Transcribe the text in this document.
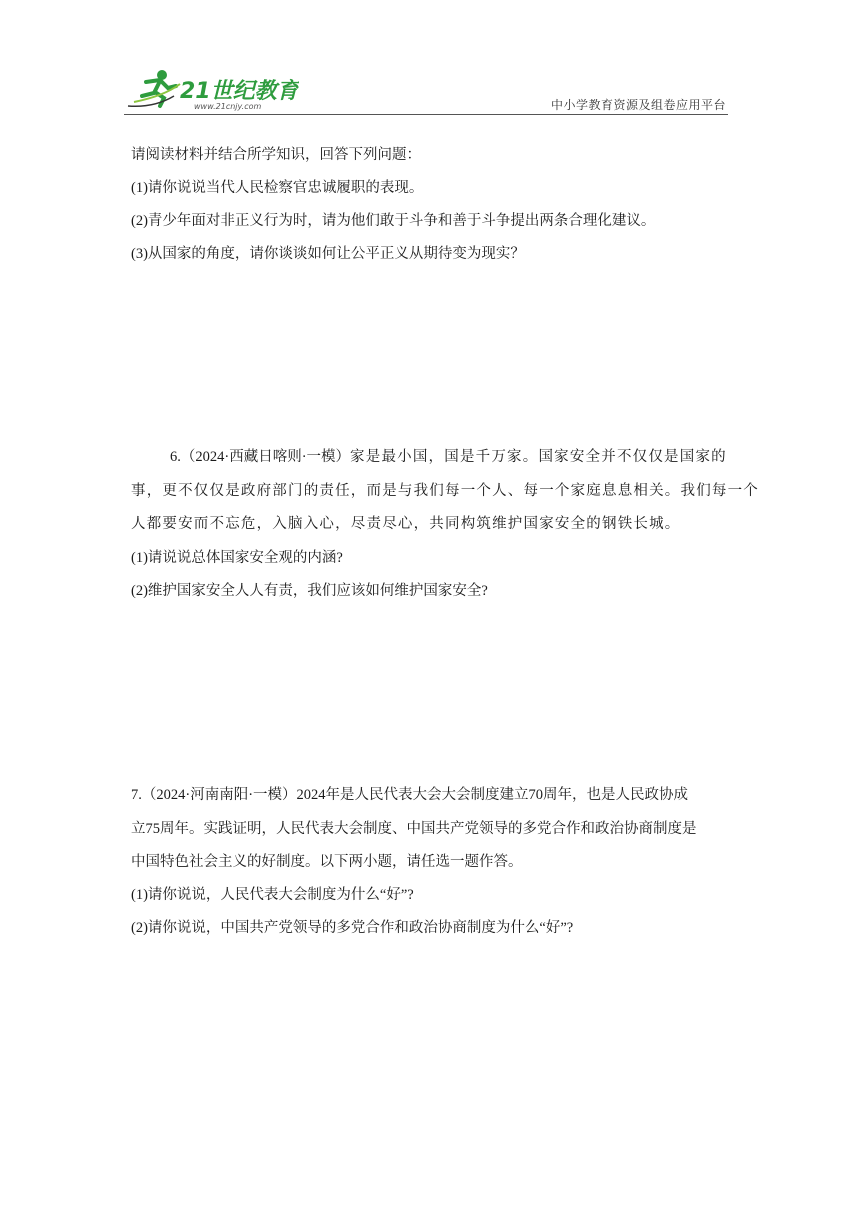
21世纪教育
www.21cnjy.com	中小学教育资源及组卷应用平台
请阅读材料并结合所学知识，回答下列问题：
(1)请你说说当代人民检察官忠诚履职的表现。
(2)青少年面对非正义行为时，请为他们敢于斗争和善于斗争提出两条合理化建议。
(3)从国家的角度，请你谈谈如何让公平正义从期待变为现实？
6.（2024·西藏日喀则·一模）家是最小国，国是千万家。国家安全并不仅仅是国家的
事，更不仅仅是政府部门的责任，而是与我们每一个人、每一个家庭息息相关。我们每一个
人都要安而不忘危，入脑入心，尽责尽心，共同构筑维护国家安全的钢铁长城。
(1)请说说总体国家安全观的内涵?
(2)维护国家安全人人有责，我们应该如何维护国家安全?
7.（2024·河南南阳·一模）2024年是人民代表大会大会制度建立70周年，也是人民政协成
立75周年。实践证明，人民代表大会制度、中国共产党领导的多党合作和政治协商制度是
中国特色社会主义的好制度。以下两小题，请任选一题作答。
(1)请你说说，人民代表大会制度为什么“好”?
(2)请你说说，中国共产党领导的多党合作和政治协商制度为什么“好”?
